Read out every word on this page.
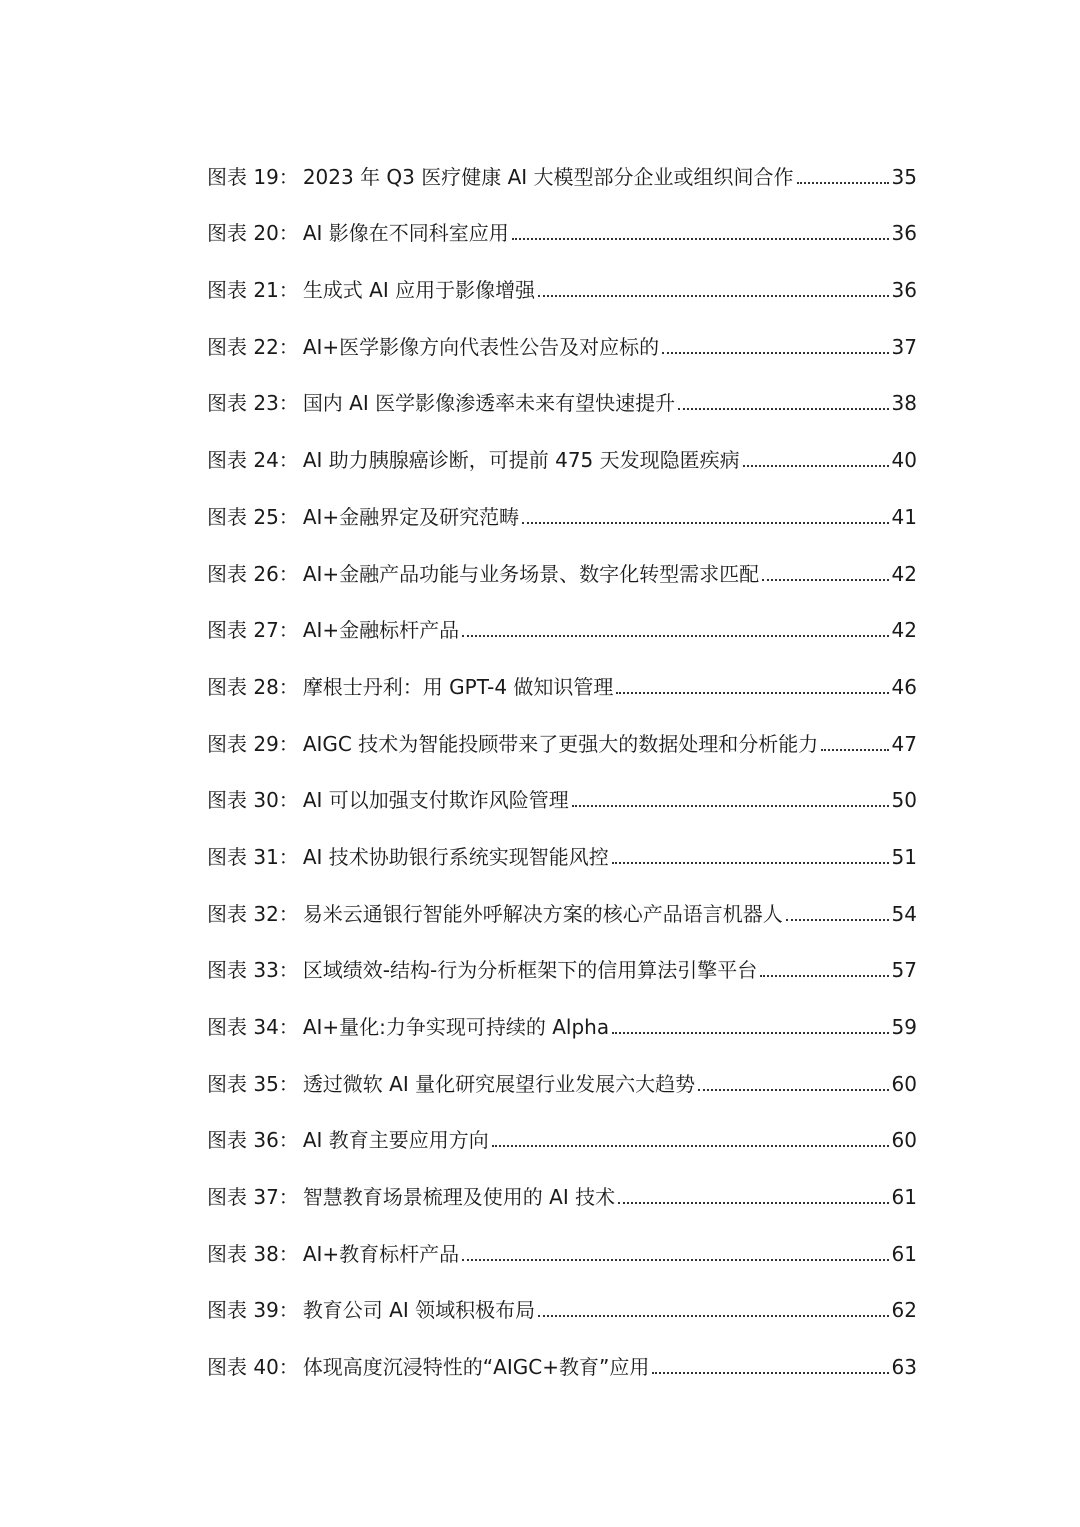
图表 19： 2023 年 Q3 医疗健康 AI 大模型部分企业或组织间合作	35
图表 20： AI 影像在不同科室应用	36
图表 21： 生成式 AI 应用于影像增强	36
图表 22： AI+医学影像方向代表性公告及对应标的	37
图表 23： 国内 AI 医学影像渗透率未来有望快速提升	38
图表 24： AI 助力胰腺癌诊断，可提前 475 天发现隐匿疾病	40
图表 25： AI+金融界定及研究范畴	41
图表 26： AI+金融产品功能与业务场景、数字化转型需求匹配	42
图表 27： AI+金融标杆产品	42
图表 28： 摩根士丹利：用 GPT-4 做知识管理	46
图表 29： AIGC 技术为智能投顾带来了更强大的数据处理和分析能力	47
图表 30： AI 可以加强支付欺诈风险管理	50
图表 31： AI 技术协助银行系统实现智能风控	51
图表 32： 易米云通银行智能外呼解决方案的核心产品语言机器人	54
图表 33： 区域绩效-结构-行为分析框架下的信用算法引擎平台	57
图表 34： AI+量化:力争实现可持续的 Alpha	59
图表 35： 透过微软 AI 量化研究展望行业发展六大趋势	60
图表 36： AI 教育主要应用方向	60
图表 37： 智慧教育场景梳理及使用的 AI 技术	61
图表 38： AI+教育标杆产品	61
图表 39： 教育公司 AI 领域积极布局	62
图表 40： 体现高度沉浸特性的“AIGC+教育”应用	63
